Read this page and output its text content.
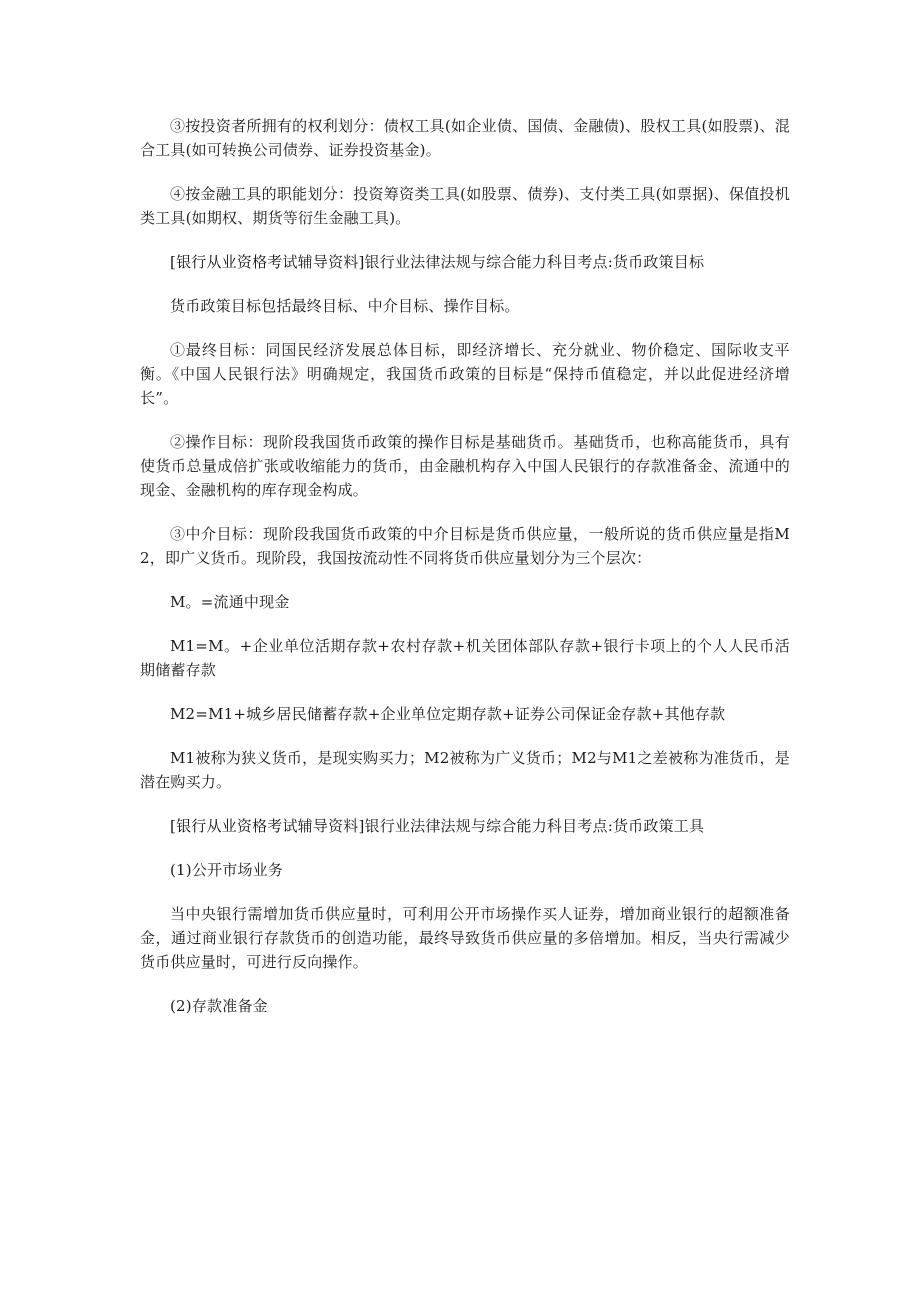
③按投资者所拥有的权利划分：债权工具(如企业债、国债、金融债)、股权工具(如股票)、混合工具(如可转换公司债券、证券投资基金)。

④按金融工具的职能划分：投资筹资类工具(如股票、债券)、支付类工具(如票据)、保值投机类工具(如期权、期货等衍生金融工具)。

[银行从业资格考试辅导资料]银行业法律法规与综合能力科目考点:货币政策目标

货币政策目标包括最终目标、中介目标、操作目标。

①最终目标：同国民经济发展总体目标，即经济增长、充分就业、物价稳定、国际收支平衡。《中国人民银行法》明确规定，我国货币政策的目标是“保持币值稳定，并以此促进经济增长”。

②操作目标：现阶段我国货币政策的操作目标是基础货币。基础货币，也称高能货币，具有使货币总量成倍扩张或收缩能力的货币，由金融机构存入中国人民银行的存款准备金、流通中的现金、金融机构的库存现金构成。

③中介目标：现阶段我国货币政策的中介目标是货币供应量，一般所说的货币供应量是指M2，即广义货币。现阶段，我国按流动性不同将货币供应量划分为三个层次：

M。=流通中现金

M1=M。+企业单位活期存款+农村存款+机关团体部队存款+银行卡项上的个人人民币活期储蓄存款

M2=M1+城乡居民储蓄存款+企业单位定期存款+证券公司保证金存款+其他存款

M1被称为狭义货币，是现实购买力；M2被称为广义货币；M2与M1之差被称为准货币，是潜在购买力。

[银行从业资格考试辅导资料]银行业法律法规与综合能力科目考点:货币政策工具

(1)公开市场业务

当中央银行需增加货币供应量时，可利用公开市场操作买人证券，增加商业银行的超额准备金，通过商业银行存款货币的创造功能，最终导致货币供应量的多倍增加。相反，当央行需减少货币供应量时，可进行反向操作。

(2)存款准备金
